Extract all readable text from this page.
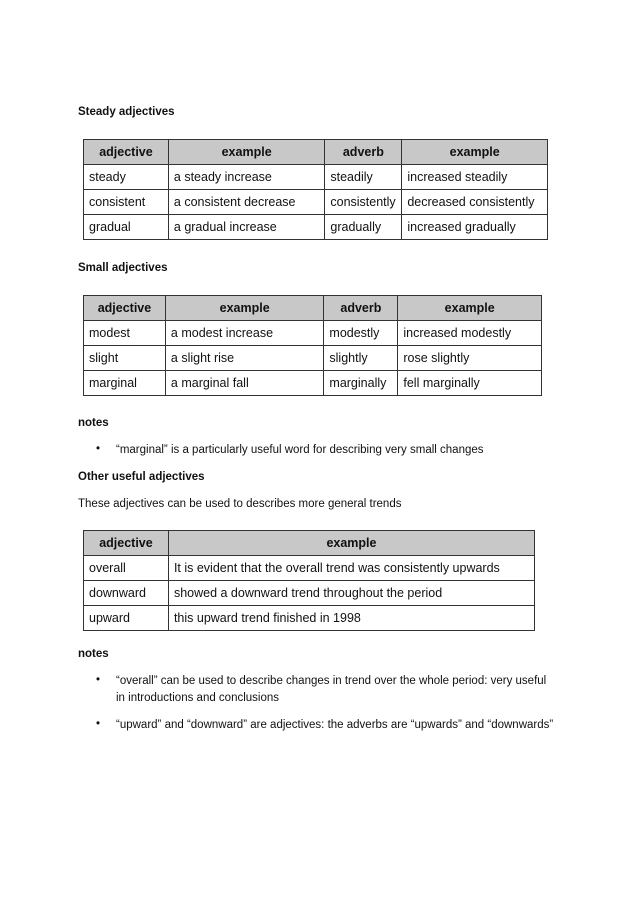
Steady adjectives
adjective	example	adverb	example
steady	a steady increase	steadily	increased steadily
consistent	a consistent decrease	consistently	decreased consistently
gradual	a gradual increase	gradually	increased gradually
Small adjectives
adjective	example	adverb	example
modest	a modest increase	modestly	increased modestly
slight	a slight rise	slightly	rose slightly
marginal	a marginal fall	marginally	fell marginally
notes
• “marginal” is a particularly useful word for describing very small changes
Other useful adjectives
These adjectives can be used to describes more general trends
adjective	example
overall	It is evident that the overall trend was consistently upwards
downward	showed a downward trend throughout the period
upward	this upward trend finished in 1998
notes
• “overall” can be used to describe changes in trend over the whole period: very useful in introductions and conclusions
• “upward” and “downward” are adjectives: the adverbs are “upwards” and “downwards”
